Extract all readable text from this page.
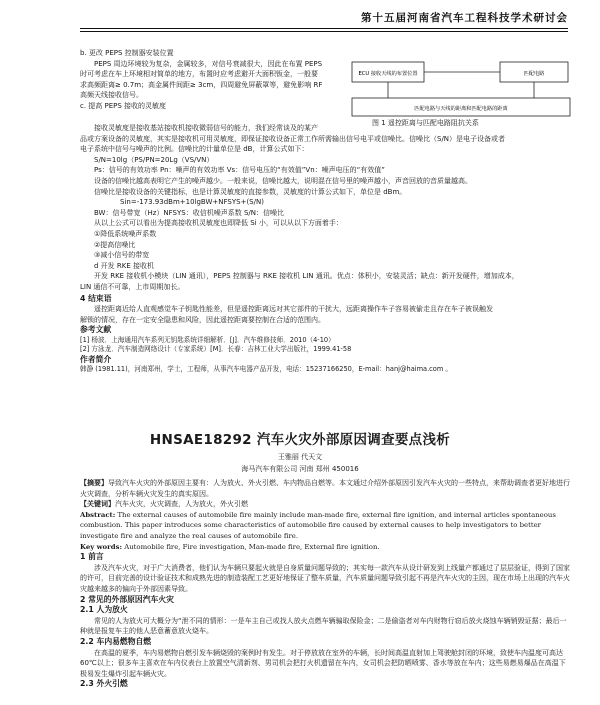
第十五届河南省汽车工程科技学术研讨会

b. 更改 PEPS 控制器安装位置

PEPS 周边环境较为复杂，金属较多，对信号衰减很大，因此在布置 PEPS

时可考虑在车上环境相对简单的地方，布置时应考虑避开大面积钣金，一般要

求高频距离≥ 0.7m；高金属件间距≥ 3cm，四周避免屏蔽罩等，避免影响 RF

高频天线接收信号。

c. 提高 PEPS 接收的灵敏度

ECU 接收天线的布置位置	匹配电路
匹配电路与天线的距离和匹配电路的距离
图 1 遥控距离与匹配电路阻抗关系

接收灵敏度是接收基站接收机接收微弱信号的能力，我们经常谈及的某产

品或方案设备的灵敏度，其实是接收机可用灵敏度，即保证接收设备正常工作所需输出信号电平或信噪比。信噪比（S/N）是电子设备或者

电子系统中信号与噪声的比例。信噪比的计量单位是 dB，计算公式如下：

S/N=10lg（PS/PN=20Lg（VS/VN）

Ps：信号的有效功率 Pn：噪声的有效功率 Vs：信号电压的“有效值”Vn：噪声电压的“有效值”

设备的信噪比越高表明它产生的噪声越少。一般来说，信噪比越大，说明混在信号里的噪声越小，声音回放的音质量越高。

信噪比是接收设备的关键指标，也是计算灵敏度的直接参数，灵敏度的计算公式如下，单位是 dBm。

Sin=-173.93dBm+10lgBW+NFSYS+(S/N)

BW：信号带宽（Hz）NFSYS：收信机噪声系数 S/N：信噪比

从以上公式可以看出为提高接收机灵敏度也即降低 Si 小，可以从以下方面着手：

①降低系统噪声系数

②提高信噪比

③减小信号的带宽

d 开发 RKE 接收机

开发 RKE 接收机小模块（LIN 通讯），PEPS 控制器与 RKE 接收机 LIN 通讯。优点：体积小，安装灵活；缺点：新开发硬件，增加成本，

LIN 通信不可靠，上市周期加长。

4 结束语

遥控距离近给人直观感觉车子钥匙性能差，但是遥控距离远对其它部件的干扰大，远距离操作车子容易被偷走且存在车子被误触发

解锁的情况，存在一定安全隐患和风险，因此遥控距离要控制在合适的范围内。

参考文献

[1] 杨波．上海通用汽车系列无钥匙系统详细解析．[J]．汽车维修技师．2010（4-10）

[2] 方泳龙．汽车制造网络设计（专家系统）[M]．长春：吉林工业大学出版社，1999.41-58

作者简介

韩静 (1981.11)，河南郑州，学士，工程师，从事汽车电器产品开发，电话：15237166250，E-mail：hanj@haima.com 。

HNSAE18292 汽车火灾外部原因调查要点浅析
王雅丽 代天文
海马汽车有限公司 河南 郑州 450016

【摘要】导致汽车火灾的外部原因主要有：人为放火、外火引燃、车内物品自燃等。本文通过介绍外部原因引发汽车火灾的一些特点，来帮助调查者更好地进行火灾调查，分析车辆火灾发生的真实原因。

【关键词】汽车火灾，火灾调查，人为放火，外火引燃

Abstract: The external causes of automobile fire mainly include man-made fire, external fire ignition, and internal articles spontaneous combustion. This paper introduces some characteristics of automobile fire caused by external causes to help investigators to better investigate fire and analyze the real causes of automobile fire.

Key words: Automobile fire, Fire investigation, Man-made fire, External fire ignition.

1 前言

涉及汽车火灾，对于广大消费者，他们认为车辆只要起火就是自身质量问题导致的；其实每一款汽车从设计研发到上线量产都通过了层层验证，得到了国家的许可，目前完善的设计验证技术和成熟先进的制造装配工艺更好地保证了整车质量，汽车质量问题导致引起不再是汽车火灾的主因，现在市场上出现的汽车火灾越来越多的偏向于外部因素导致。

2 常见的外部原因汽车火灾

2.1 人为放火

常见的人为放火可大概分为“泄不同的情形：一是车主自己或找人放火点燃车辆骗取保险金；二是偷盗者对车内财物行窃后放火烧蚀车辆销毁证据；最后一种就是报复车主的他人恶意蓄意放火烧车。

2.2 车内易燃物自燃

在高温的夏季，车内易燃物自燃引发车辆烧毁的案例时有发生。对于停放放在室外的车辆，长时间高温直射加上驾驶舱封闭的环境，致使车内温度可高达 60℃以上；很多车主喜欢在车内仪表台上放置空气清新剂、男司机会把打火机遗留在车内，女司机会把防晒喷雾、香水等放在车内；这些易燃易爆品在高温下极易发生爆炸引起车辆火灾。

2.3 外火引燃
